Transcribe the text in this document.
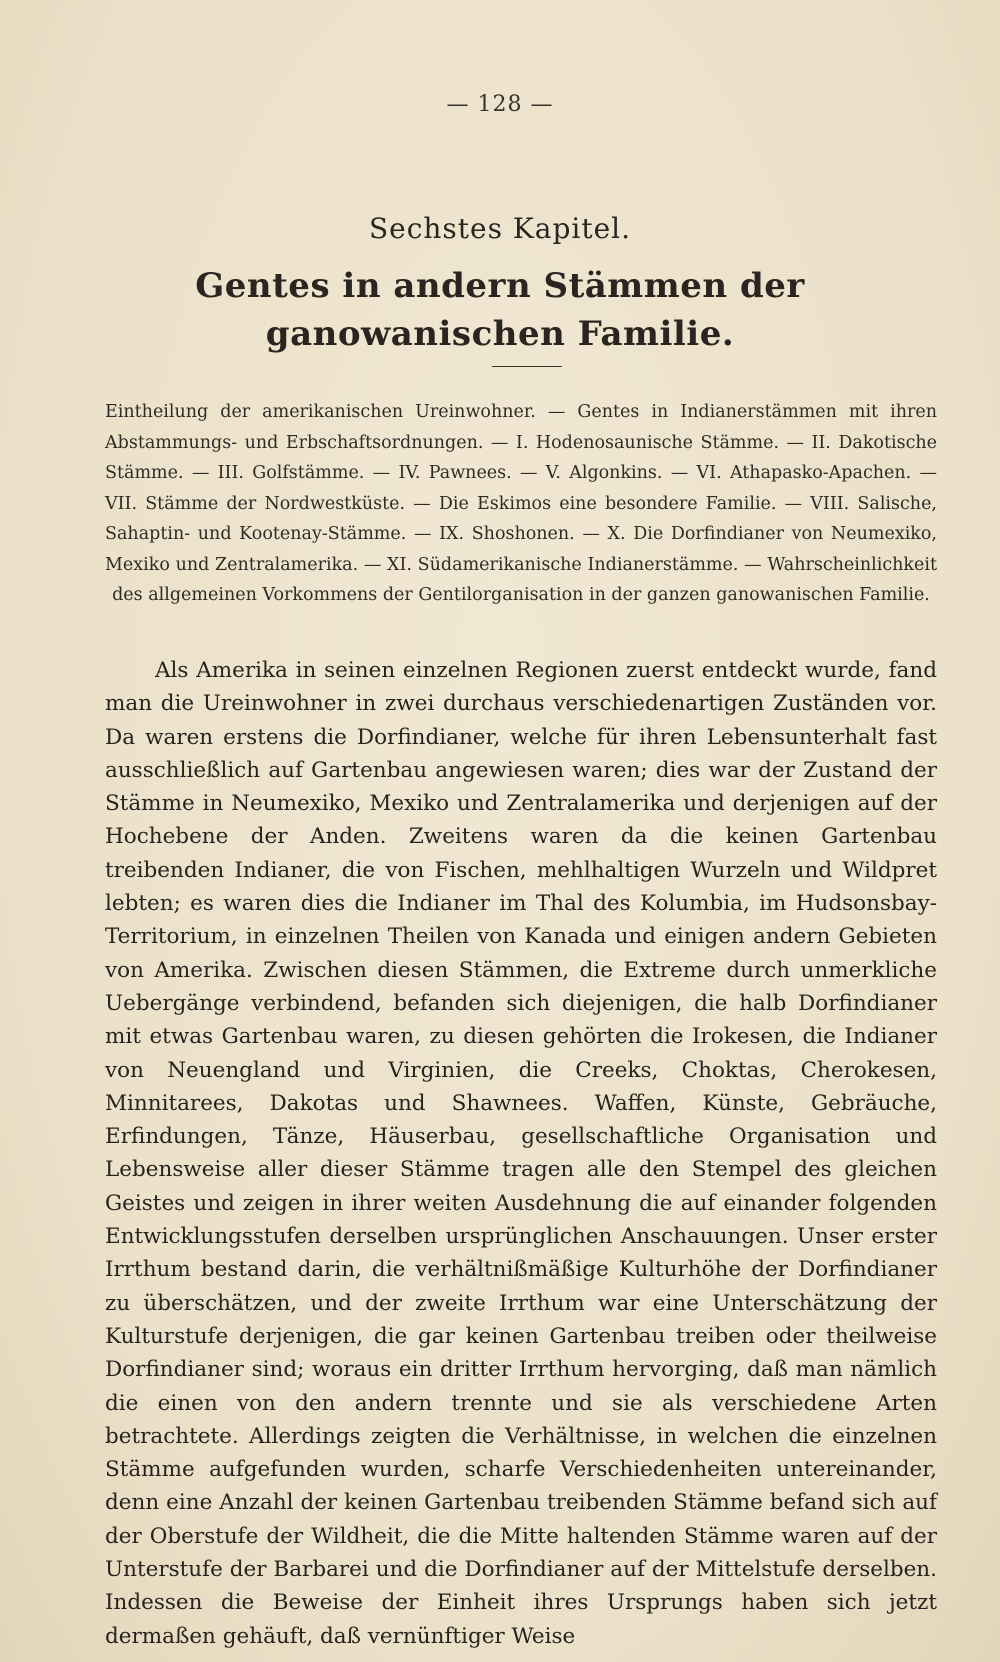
— 128 —
Sechstes Kapitel.
Gentes in andern Stämmen der ganowanischen Familie.
Eintheilung der amerikanischen Ureinwohner. — Gentes in Indianerstämmen mit ihren Abstammungs- und Erbschaftsordnungen. — I. Hodenosaunische Stämme. — II. Dakotische Stämme. — III. Golfstämme. — IV. Pawnees. — V. Algonkins. — VI. Athapasko-Apachen. — VII. Stämme der Nordwestküste. — Die Eskimos eine besondere Familie. — VIII. Salische, Sahaptin- und Kootenay-Stämme. — IX. Shoshonen. — X. Die Dorfindianer von Neumexiko, Mexiko und Zentralamerika. — XI. Südamerikanische Indianerstämme. — Wahrscheinlichkeit des allgemeinen Vorkommens der Gentilorganisation in der ganzen ganowanischen Familie.
Als Amerika in seinen einzelnen Regionen zuerst entdeckt wurde, fand man die Ureinwohner in zwei durchaus verschiedenartigen Zuständen vor. Da waren erstens die Dorfindianer, welche für ihren Lebensunterhalt fast ausschließlich auf Gartenbau angewiesen waren; dies war der Zustand der Stämme in Neumexiko, Mexiko und Zentralamerika und derjenigen auf der Hochebene der Anden. Zweitens waren da die keinen Gartenbau treibenden Indianer, die von Fischen, mehlhaltigen Wurzeln und Wildpret lebten; es waren dies die Indianer im Thal des Kolumbia, im Hudsonsbay-Territorium, in einzelnen Theilen von Kanada und einigen andern Gebieten von Amerika. Zwischen diesen Stämmen, die Extreme durch unmerkliche Uebergänge verbindend, befanden sich diejenigen, die halb Dorfindianer mit etwas Gartenbau waren, zu diesen gehörten die Irokesen, die Indianer von Neuengland und Virginien, die Creeks, Choktas, Cherokesen, Minnitarees, Dakotas und Shawnees. Waffen, Künste, Gebräuche, Erfindungen, Tänze, Häuserbau, gesellschaftliche Organisation und Lebensweise aller dieser Stämme tragen alle den Stempel des gleichen Geistes und zeigen in ihrer weiten Ausdehnung die auf einander folgenden Entwicklungsstufen derselben ursprünglichen Anschauungen. Unser erster Irrthum bestand darin, die verhältnißmäßige Kulturhöhe der Dorfindianer zu überschätzen, und der zweite Irrthum war eine Unterschätzung der Kulturstufe derjenigen, die gar keinen Gartenbau treiben oder theilweise Dorfindianer sind; woraus ein dritter Irrthum hervorging, daß man nämlich die einen von den andern trennte und sie als verschiedene Arten betrachtete. Allerdings zeigten die Verhältnisse, in welchen die einzelnen Stämme aufgefunden wurden, scharfe Verschiedenheiten untereinander, denn eine Anzahl der keinen Gartenbau treibenden Stämme befand sich auf der Oberstufe der Wildheit, die die Mitte haltenden Stämme waren auf der Unterstufe der Barbarei und die Dorfindianer auf der Mittelstufe derselben. Indessen die Beweise der Einheit ihres Ursprungs haben sich jetzt dermaßen gehäuft, daß vernünftiger Weise
